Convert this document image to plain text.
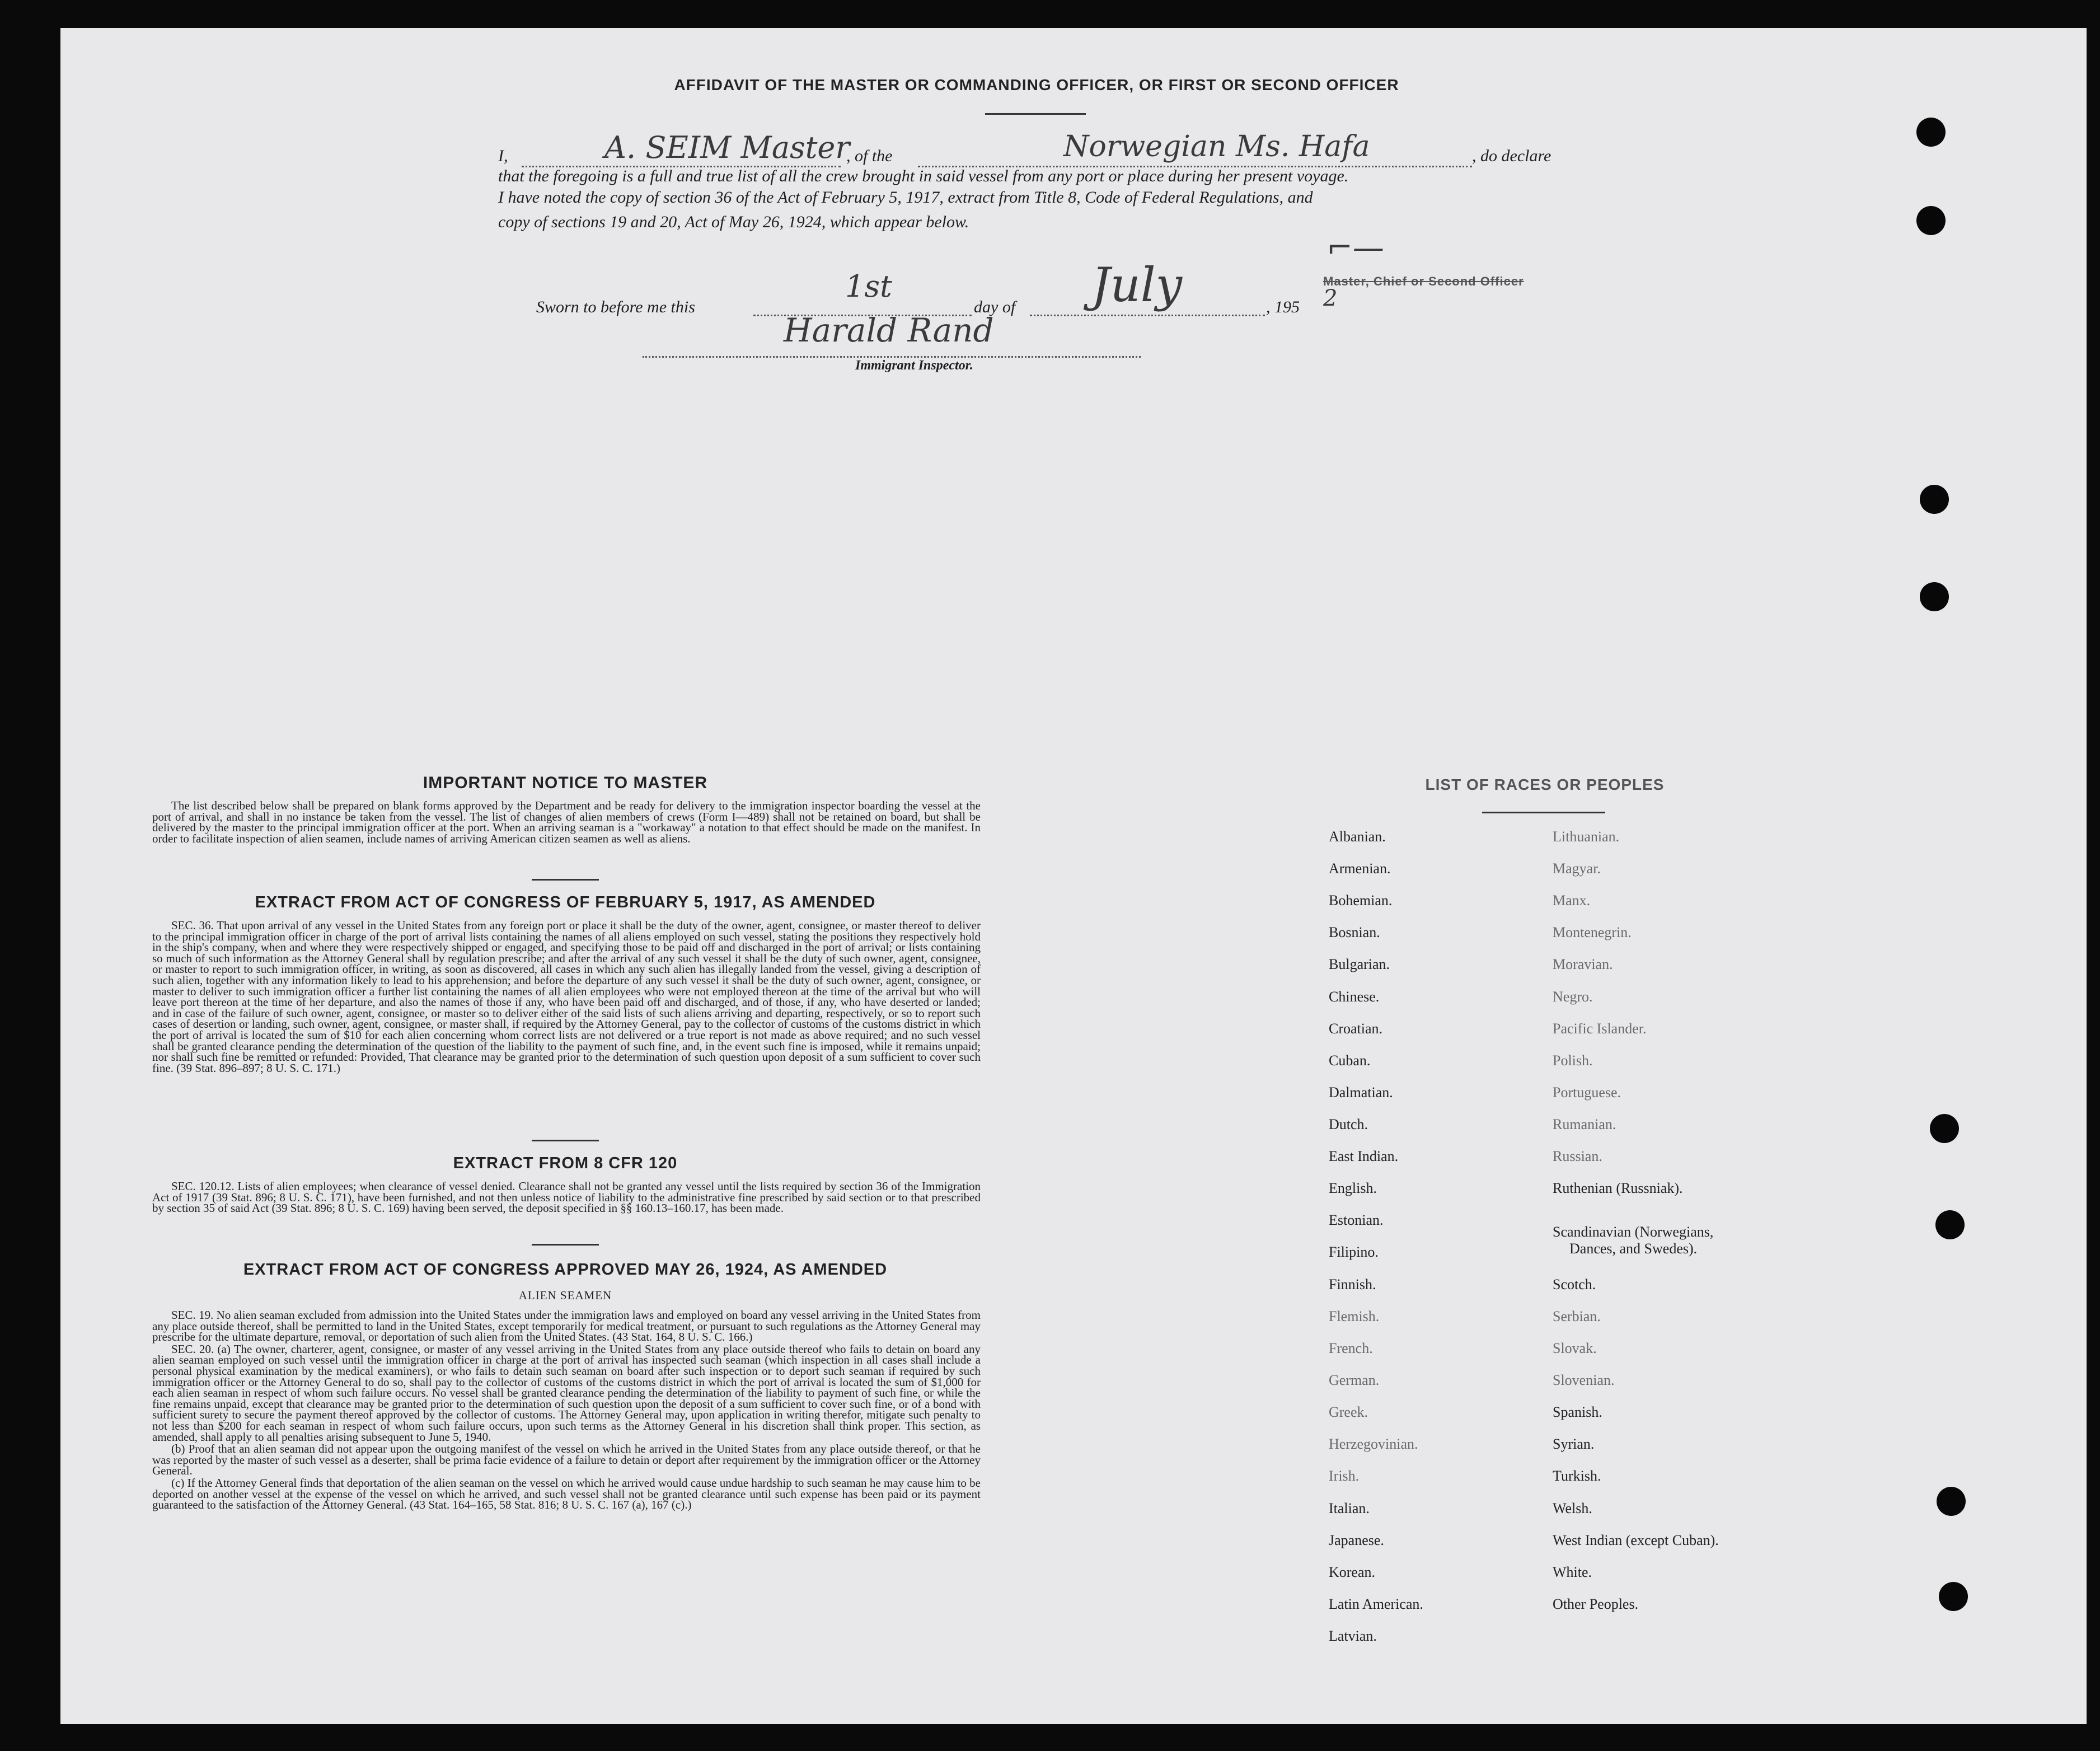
AFFIDAVIT OF THE MASTER OR COMMANDING OFFICER, OR FIRST OR SECOND OFFICER
I,	A. SEIM Master
, of the	Norwegian Ms. Hafa	, do declare
that the foregoing is a full and true list of all the crew brought in said vessel from any port or place during her present voyage.
I have noted the copy of section 36 of the Act of February 5, 1917, extract from Title 8, Code of Federal Regulations, and
copy of sections 19 and 20, Act of May 26, 1924, which appear below.
⌐—
Master, Chief or Second Officer
Sworn to before me this
1st
day of July	, 195 2
Harald Rand
Immigrant Inspector.
IMPORTANT NOTICE TO MASTER

The list described below shall be prepared on blank forms approved by the Department and be ready for delivery to the immigration inspector boarding the vessel at the port of arrival, and shall in no instance be taken from the vessel. The list of changes of alien members of crews (Form I—489) shall not be retained on board, but shall be delivered by the master to the principal immigration officer at the port. When an arriving seaman is a "workaway" a notation to that effect should be made on the manifest. In order to facilitate inspection of alien seamen, include names of arriving American citizen seamen as well as aliens.

EXTRACT FROM ACT OF CONGRESS OF FEBRUARY 5, 1917, AS AMENDED

SEC. 36. That upon arrival of any vessel in the United States from any foreign port or place it shall be the duty of the owner, agent, consignee, or master thereof to deliver to the principal immigration officer in charge of the port of arrival lists containing the names of all aliens employed on such vessel, stating the positions they respectively hold in the ship's company, when and where they were respectively shipped or engaged, and specifying those to be paid off and discharged in the port of arrival; or lists containing so much of such information as the Attorney General shall by regulation prescribe; and after the arrival of any such vessel it shall be the duty of such owner, agent, consignee, or master to report to such immigration officer, in writing, as soon as discovered, all cases in which any such alien has illegally landed from the vessel, giving a description of such alien, together with any information likely to lead to his apprehension; and before the departure of any such vessel it shall be the duty of such owner, agent, consignee, or master to deliver to such immigration officer a further list containing the names of all alien employees who were not employed thereon at the time of the arrival but who will leave port thereon at the time of her departure, and also the names of those if any, who have been paid off and discharged, and of those, if any, who have deserted or landed; and in case of the failure of such owner, agent, consignee, or master so to deliver either of the said lists of such aliens arriving and departing, respectively, or so to report such cases of desertion or landing, such owner, agent, consignee, or master shall, if required by the Attorney General, pay to the collector of customs of the customs district in which the port of arrival is located the sum of $10 for each alien concerning whom correct lists are not delivered or a true report is not made as above required; and no such vessel shall be granted clearance pending the determination of the question of the liability to the payment of such fine, and, in the event such fine is imposed, while it remains unpaid; nor shall such fine be remitted or refunded: Provided, That clearance may be granted prior to the determination of such question upon deposit of a sum sufficient to cover such fine. (39 Stat. 896–897; 8 U. S. C. 171.)

EXTRACT FROM 8 CFR 120

SEC. 120.12. Lists of alien employees; when clearance of vessel denied. Clearance shall not be granted any vessel until the lists required by section 36 of the Immigration Act of 1917 (39 Stat. 896; 8 U. S. C. 171), have been furnished, and not then unless notice of liability to the administrative fine prescribed by said section or to that prescribed by section 35 of said Act (39 Stat. 896; 8 U. S. C. 169) having been served, the deposit specified in §§ 160.13–160.17, has been made.

EXTRACT FROM ACT OF CONGRESS APPROVED MAY 26, 1924, AS AMENDED
ALIEN SEAMEN

SEC. 19. No alien seaman excluded from admission into the United States under the immigration laws and employed on board any vessel arriving in the United States from any place outside thereof, shall be permitted to land in the United States, except temporarily for medical treatment, or pursuant to such regulations as the Attorney General may prescribe for the ultimate departure, removal, or deportation of such alien from the United States. (43 Stat. 164, 8 U. S. C. 166.)

SEC. 20. (a) The owner, charterer, agent, consignee, or master of any vessel arriving in the United States from any place outside thereof who fails to detain on board any alien seaman employed on such vessel until the immigration officer in charge at the port of arrival has inspected such seaman (which inspection in all cases shall include a personal physical examination by the medical examiners), or who fails to detain such seaman on board after such inspection or to deport such seaman if required by such immigration officer or the Attorney General to do so, shall pay to the collector of customs of the customs district in which the port of arrival is located the sum of $1,000 for each alien seaman in respect of whom such failure occurs. No vessel shall be granted clearance pending the determination of the liability to payment of such fine, or while the fine remains unpaid, except that clearance may be granted prior to the determination of such question upon the deposit of a sum sufficient to cover such fine, or of a bond with sufficient surety to secure the payment thereof approved by the collector of customs. The Attorney General may, upon application in writing therefor, mitigate such penalty to not less than $200 for each seaman in respect of whom such failure occurs, upon such terms as the Attorney General in his discretion shall think proper. This section, as amended, shall apply to all penalties arising subsequent to June 5, 1940.

(b) Proof that an alien seaman did not appear upon the outgoing manifest of the vessel on which he arrived in the United States from any place outside thereof, or that he was reported by the master of such vessel as a deserter, shall be prima facie evidence of a failure to detain or deport after requirement by the immigration officer or the Attorney General.

(c) If the Attorney General finds that deportation of the alien seaman on the vessel on which he arrived would cause undue hardship to such seaman he may cause him to be deported on another vessel at the expense of the vessel on which he arrived, and such vessel shall not be granted clearance until such expense has been paid or its payment guaranteed to the satisfaction of the Attorney General. (43 Stat. 164–165, 58 Stat. 816; 8 U. S. C. 167 (a), 167 (c).)

LIST OF RACES OR PEOPLES
Albanian.
Armenian.
Bohemian.
Bosnian.
Bulgarian.
Chinese.
Croatian.
Cuban.
Dalmatian.
Dutch.
East Indian.
English.
Estonian.
Filipino.
Finnish.
Flemish.
French.
German.
Greek.
Herzegovinian.
Irish.
Italian.
Japanese.
Korean.
Latin American.
Latvian.
Lithuanian.
Magyar.
Manx.
Montenegrin.
Moravian.
Negro.
Pacific Islander.
Polish.
Portuguese.
Rumanian.
Russian.
Ruthenian (Russniak).
Scandinavian (Norwegians,
Dances, and Swedes).
Scotch.
Serbian.
Slovak.
Slovenian.
Spanish.
Syrian.
Turkish.
Welsh.
West Indian (except Cuban).
White.
Other Peoples.
